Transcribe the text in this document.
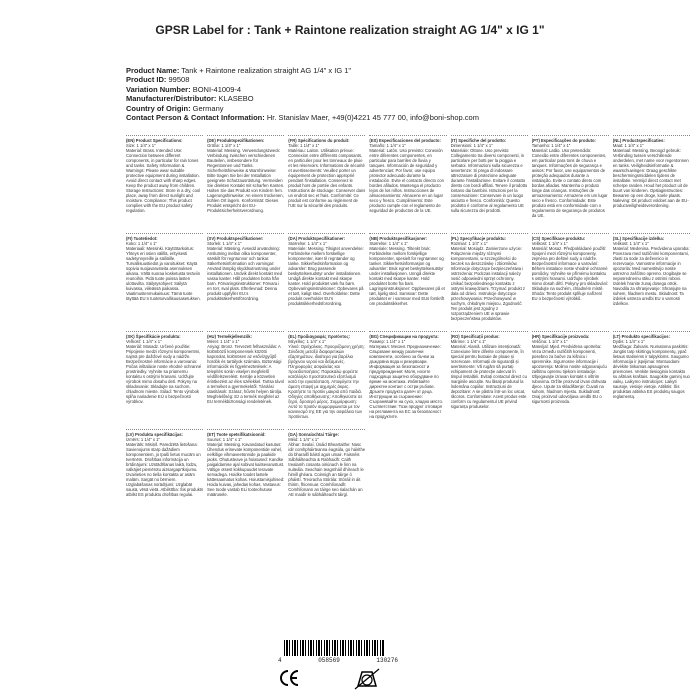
GPSR Label for : Tank + Raintone realization straight AG 1/4" x IG 1"
Product Name: Tank + Raintone realization straight AG 1/4" x IG 1"
Product ID: 99508
Variation Number: BONI-41009-4
Manufacturer/Distributor: KLASEBO
Country of Origin: Germany
Contact Person & Contact Information: Hr. Stanislav Maer, +49(0)4221 45 777 00, info@boni-shop.com
(EN) Product Specifications:
Size: 1 1/4" x 1"
Material: Brass. Intended Use: Connection between different components, in particular for rain tones and tanks. Safety Information & Warnings: Please wear suitable protective equipment during installation. Avoid direct contact with sharp edges. Keep the product away from children. Storage Instructions: Store in a dry, cool place, away from direct sunlight and moisture. Compliance: This product complies with the EU product safety regulation.
(DE) Produktspezifikationen:
Größe: 1 1/4" x 1"
Material: Messing. Verwendungszweck: Verbindung zwischen verschiedenen Bauteilen, insbesondere für Regentonnen und Tanks. Sicherheitshinweise & Warnhinweise: Bitte tragen Sie bei der Installation geeignete Schutzausrüstung. Vermeiden Sie direkten Kontakt mit scharfen Kanten. Halten Sie das Produkt von Kindern fern. Lagerungshinweise: An einem trockenen, kühlen Ort lagern. Konformität: Dieses Produkt entspricht der EU-Produktsicherheitsverordnung.
(FR) Spécifications du produit:
Taille: 1 1/4" x 1"
Matériau: Laiton. Utilisation prévue: Connexion entre différents composants, en particulier pour les tonneaux de pluie et les réservoirs. Informations de sécurité et avertissements: Veuillez porter un équipement de protection approprié pendant l'installation. Conservez le produit hors de portée des enfants. Instructions de stockage: Conserver dans un endroit sec et frais. Conformité: Ce produit est conforme au règlement de l'UE sur la sécurité des produits.
(ES) Especificaciones del producto:
Tamaño: 1 1/4" x 1"
Material: Latón. Uso previsto: Conexión entre diferentes componentes, en particular para barriles de lluvia y tanques. Información de seguridad y advertencias: Por favor, use equipo protector adecuado durante la instalación. Evite el contacto directo con bordes afilados. Mantenga el producto lejos de los niños. Instrucciones de almacenamiento: Almacene en un lugar seco y fresco. Cumplimiento: Este producto cumple con el reglamento de seguridad de productos de la UE.
(IT) Specifiche del prodotto:
Dimensioni: 1 1/4" x 1"
Materiale: Ottone. Uso previsto: Collegamento tra diversi componenti, in particolare per botti per la pioggia e serbatoi. Informazioni sulla sicurezza e avvertenze: Si prega di indossare attrezzature di protezione adeguate durante l'installazione. Evitare il contatto diretto con bordi affilati. Tenere il prodotto lontano dai bambini. Istruzioni per la conservazione: Conservare in un luogo asciutto e fresco. Conformità: Questo prodotto è conforme al regolamento UE sulla sicurezza dei prodotti.
(PT) Especificações do produto:
Tamanho: 1 1/4" x 1"
Material: Latão. Uso pretendido: Conexão entre diferentes componentes, em particular para tons de chuva e tanques. Informações de segurança e avisos: Por favor, use equipamentos de proteção adequados durante a instalação. Evite o contato direto com bordas afiadas. Mantenha o produto longe das crianças. Instruções de armazenamento: Armazene em um lugar seco e fresco. Conformidade: Este produto está em conformidade com o regulamento de segurança de produtos da UE.
(NL) Productspecificaties:
Maat: 1 1/4" x 1"
Materiaal: Messing. Beoogd gebruik: Verbinding tussen verschillende onderdelen, met name voor regentonnen en tanks. Veiligheidsinformatie & waarschuwingen: Draag geschikte beschermingsmiddelen tijdens de installatie. Vermijd direct contact met scherpe randen. Houd het product uit de buurt van kinderen. Opslaginstructies: Bewaren op een droge, koele plaats. Naleving: Dit product voldoet aan de EU-productveiligheidsverordening.
(FI) Tuotetiedot:
Koko: 1 1/4" x 1"
Materiaali: Messinki. Käyttötarkoitus: Yhteys eri osien välillä, erityisesti sadetynnyreille ja säiliöille. Turvallisuustiedot ja varoitukset: Käytä sopivia suojavarusteita asennuksen aikana. Vältä suoraa kosketusta teräviin reunoihin. Pidä tuote poissa lasten ulottuvilta. Säilytysohjeet: Säilytä kuivassa, viileässä paikassa. Vaatimustenmukaisuus: Tämä tuote täyttää EU:n tuoteturvallisuusasetuksen.
(SV) Produktspecifikationer:
Storlek: 1 1/4" x 1"
Material: Mässing. Avsedd användning: Anslutning mellan olika komponenter, särskilt för regntunnor och tankar. Säkerhetsinformation och varningar: Använd lämplig skyddsutrustning under installationen. Undvik direkt kontakt med vassa kanter. Håll produkten borta från barn. Förvaringsinstruktioner: Förvara i en torr, sval plats. Efterlevnad: Denna produkt uppfyller EU:s produktsäkerhetsförordning.
(DA) Produktspecifikationer:
Størrelse: 1 1/4" x 1"
Materiale: Messing. Tilsigtet anvendelse: Forbindelse mellem forskellige komponenter, især til regntønder og tanke. Sikkerhedsinformation og advarsler: Brug passende beskyttelsesudstyr under installationen. Undgå direkte kontakt med skarpe kanter. Hold produktet væk fra børn. Opbevaringsinstruktioner: Opbevares på et tørt, køligt sted. Overholdelse: Dette produkt overholder EU's produktsikkerhedsforordning.
(NB) Produktspesifikasjoner:
Størrelse: 1 1/4" x 1"
Materiale: Messing. Tiltenkt bruk: Forbindelse mellom forskjellige komponenter, spesielt for regntønner og tanker. Sikkerhetsinformasjon og advarsler: Bruk egnet beskyttelsesutstyr under installasjonen. Unngå direkte kontakt med skarpe kanter. Hold produktet borte fra barn. Lagringsinstruksjoner: Oppbevares på et tørt, kjølig sted. Samsvar: Dette produktet er i samsvar med EUs forskrift om produktsikkerhet.
(PL) Specyfikacje produktu:
Rozmiar: 1 1/4" x 1"
Materiał: Mosiądz. Zamierzone użycie: Połączenie między różnymi komponentami, w szczególności do beczek na deszczówkę i zbiorników. Informacje dotyczące bezpieczeństwa i ostrzeżenia: Podczas instalacji należy nosić odpowiedni sprzęt ochronny. Unikać bezpośredniego kontaktu z ostrymi krawędziami. Trzymać produkt z dala od dzieci. Instrukcje dotyczące przechowywania: Przechowywać w suchym, chłodnym miejscu. Zgodność: Ten produkt jest zgodny z rozporządzeniem UE w sprawie bezpieczeństwa produktów.
(CS) Specifikace produktu:
Velikost: 1 1/4" x 1"
Materiál: Mosaz. Předpokládané použití: Spojení mezi různými komponenty, zejména pro deštné sudy a nádrže. Bezpečnostní informace a varování: Během instalace noste vhodné ochranné pomůcky. Vyhněte se přímému kontaktu s ostrými hranami. Udržujte výrobek mimo dosah dětí. Pokyny pro skladování: Skladujte na suchém, chladném místě. Shoda: Tento produkt splňuje nařízení EU o bezpečnosti výrobků.
(SL) Specifikacije izdelka:
Velikost: 1 1/4" x 1"
Material: Medenina. Predvidena uporaba: Povezava med različnimi komponentami, zlasti za sode za deževnico in rezervoarje. Varnostne informacije in opozorila: Med namestitvijo nosite ustrezno zaščitno opremo. Izogibajte se neposrednemu stiku z ostrimi robovi. Izdelek hranite zunaj dosega otrok. Navodila za shranjevanje: Shranjujte na suhem, hladnem mestu. Skladnost: Ta izdelek ustreza uredbi EU o varnosti izdelkov.
(SK) Špecifikácie produktu:
Veľkosť: 1 1/4" x 1"
Materiál: Mosadz. Určené použitie: Pripojenie medzi rôznymi komponentmi, najmä pre dažďové sudy a nádrže. Bezpečnostné informácie a varovania: Počas inštalácie noste vhodné ochranné prostriedky. Vyhnite sa priamemu kontaktu s ostrými hranami. Udržujte výrobok mimo dosahu detí. Pokyny na skladovanie: Skladujte na suchom, chladnom mieste. Súlad: Tento výrobok spĺňa nariadenie EÚ o bezpečnosti výrobkov.
(HU) Termékjellemzők:
Méret: 1 1/4" x 1"
Anyag: Bronz. Tervezett felhasználás: A különböző komponensek közötti kapcsolat, különösen az esővízgyűjtő hordók és tartályok számára. Biztonsági információk és figyelmeztetések: A telepítés során viseljen megfelelő védőfelszerelést. Kerülje a közvetlen érintkezést az éles szélekkel. Tartsa távol a terméket a gyermekektől. Tárolási utasítások: Száraz, hűvös helyen tárolja. Megfelelőség: Ez a termék megfelel az EU termékbiztonsági rendeletének.
(EL) Προδιαγραφές προϊόντος:
Μέγεθος: 1 1/4" x 1"
Υλικό: Ορείχαλκος. Προοριζόμενη χρήση: Σύνδεση μεταξύ διαφορετικών εξαρτημάτων, ιδιαίτερα για βαρέλια βρόχινου νερού και δεξαμενές. Πληροφορίες ασφαλείας και προειδοποιήσεις: Παρακαλώ φορέστε κατάλληλο προστατευτικό εξοπλισμό κατά την εγκατάσταση. Αποφύγετε την άμεση επαφή με αιχμηρές άκρες. Κρατήστε το προϊόν μακριά από παιδιά. Οδηγίες αποθήκευσης: Αποθηκεύστε σε ξηρό, δροσερό μέρος. Συμμόρφωση: Αυτό το προϊόν συμμορφώνεται με τον κανονισμό της ΕΕ για την ασφάλεια των προϊόντων.
(BG) Спецификации на продукта:
Размер: 1 1/4" x 1"
Материал: Месинг. Предназначение: Свързване между различни компоненти, особено за бъчви за дъждовна вода и резервоари. Информация за безопасност и предупреждения: Моля, носете подходящо защитно оборудване по време на монтажа. Избягвайте директен контакт с остри ръбове. Дръжте продукта далеч от деца. Инструкции за съхранение: Съхранявайте на сухо, хладно място. Съответствие: Този продукт отговаря на регламента на ЕС за безопасност на продуктите.
(RO) Specificații produs:
Mărime: 1 1/4" x 1"
Material: Alamă. Utilizare intenționată: Conexiune între diferite componente, în special pentru butoaie de ploaie și rezervoare. Informații de siguranță și avertismente: Vă rugăm să purtați echipament de protecție adecvat în timpul instalării. Evitați contactul direct cu marginile ascuțite. Nu lăsați produsul la îndemâna copiilor. Instrucțiuni de depozitare: A se păstra într-un loc uscat, răcoros. Conformitate: Acest produs este conform cu regulamentul UE privind siguranța produselor.
(HR) Specifikacije proizvoda:
Veličina: 1 1/4" x 1"
Materijal: Mjed. Predviđena upotreba: Veza između različitih komponenti, posebno za bačve za kišnicu i spremnike. Sigurnosne informacije i upozorenja: Molimo nosite odgovarajuću zaštitnu opremu tijekom instalacije. Izbjegavajte izravan kontakt s oštrim rubovima. Držite proizvod izvan dohvata djece. Upute za skladištenje: Čuvati na suhom, hladnom mjestu. Sukladnost: Ovaj proizvod udovoljava uredbi EU o sigurnosti proizvoda.
(LT) Produkto specifikacijos:
Dydis: 1 1/4" x 1"
Medžiaga: Žalvaris. Numatoma paskirtis: Jungtis tarp skirtingų komponentų, ypač lietaus statinėms ir talpykloms. Saugumo informacija ir įspėjimai: Montuodami dėvėkite tinkamas apsaugines priemones. Venkite tiesioginio kontakto su aštriais kraštais. Saugokite gaminį nuo vaikų. Laikymo instrukcijos: Laikyti sausoje, vėsioje vietoje. Atitiktis: Šis produktas atitinka ES produktų saugos reglamentą.
(LV) Produkta specifikācijas:
Izmērs: 1 1/4" x 1"
Materiāls: Misiņš. Paredzētā lietošana: Savienojums starp dažādiem komponentiem, jo īpaši lietus mucām un tvertnēm. Drošības informācija un brīdinājumi: Uzstādīšanas laikā, lūdzu, valkājiet piemērotu aizsargaprīkojumu. Izvairieties no tieša kontakta ar asām malām. Sargāt no bērniem. Uzglabāšanas norādījumi: Uzglabāt sausā, vēsā vietā. Atbilstība: Šis produkts atbilst ES produktu drošības regulai.
(ET) Toote spetsifikatsioonid:
Suurus: 1 1/4" x 1"
Materjal: Messing. Kavandatud kasutus: Ühendus erinevate komponentide vahel, eelkõige vihmaveetünnide ja paakide jaoks. Ohutusteave ja hoiatused: Kandke paigaldamise ajal sobivat kaitsevarustust. Vältige otsest kokkupuudet teravate servadega. Hoidke toodet lastele kättesaamatus kohas. Hoiustamisjuhised: Hoida kuivas, jahedas kohas. Vastavus: See toode vastab ELi tooteohutuse määrusele.
(GA) Sonraíochtaí Táirge:
Méid: 1 1/4" x 1"
Ábhar: Sealaí. Úsáid Bheartaithe: Nasc idir comhpháirteanna éagsúla, go háirithe do bharaillí báistí agus umair. Faisnéis Sábháilteachta & Rabhaidh: Caith trealamh cosanta oiriúnach le linn na suiteála. Seachain teagmháil dhíreach le himill ghéara. Coinnigh an táirge ó pháistí. Treoracha Stórála: Stóráil in áit thirim, fhionnuar. Comhlíonadh: Comhlíonann an táirge seo rialachán an AE maidir le sábháilteacht táirgí.
4	058569	130276
